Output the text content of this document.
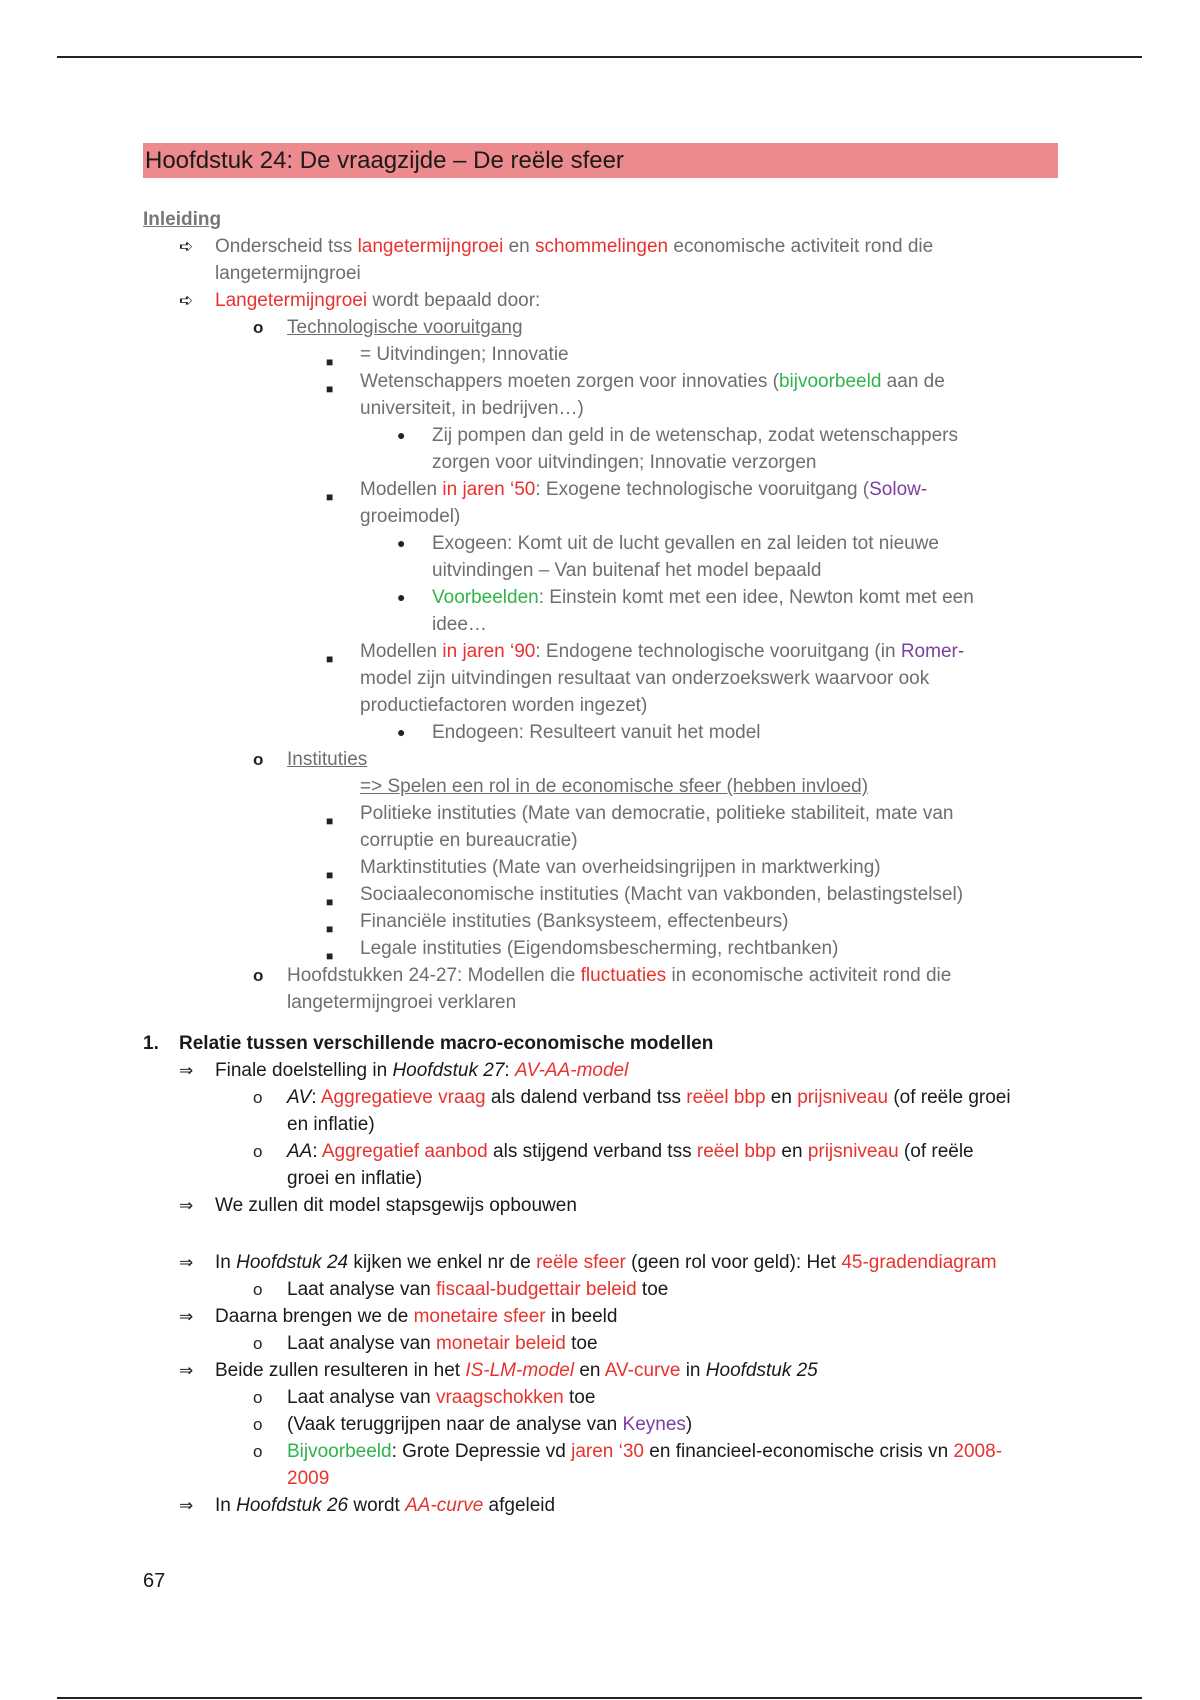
Hoofdstuk 24: De vraagzijde – De reële sfeer
Inleiding
➪ Onderscheid tss langetermijngroei en schommelingen economische activiteit rond die
langetermijngroei
➪ Langetermijngroei wordt bepaald door:
o Technologische vooruitgang
■ = Uitvindingen; Innovatie
■ Wetenschappers moeten zorgen voor innovaties (bijvoorbeeld aan de
universiteit, in bedrijven…)
● Zij pompen dan geld in de wetenschap, zodat wetenschappers
zorgen voor uitvindingen; Innovatie verzorgen
■ Modellen in jaren ‘50: Exogene technologische vooruitgang (Solow-
groeimodel)
● Exogeen: Komt uit de lucht gevallen en zal leiden tot nieuwe
uitvindingen – Van buitenaf het model bepaald
● Voorbeelden: Einstein komt met een idee, Newton komt met een
idee…
■ Modellen in jaren ‘90: Endogene technologische vooruitgang (in Romer-
model zijn uitvindingen resultaat van onderzoekswerk waarvoor ook
productiefactoren worden ingezet)
● Endogeen: Resulteert vanuit het model
o Instituties
=> Spelen een rol in de economische sfeer (hebben invloed)
■ Politieke instituties (Mate van democratie, politieke stabiliteit, mate van
corruptie en bureaucratie)
■ Marktinstituties (Mate van overheidsingrijpen in marktwerking)
■ Sociaaleconomische instituties (Macht van vakbonden, belastingstelsel)
■ Financiële instituties (Banksysteem, effectenbeurs)
■ Legale instituties (Eigendomsbescherming, rechtbanken)
o Hoofdstukken 24-27: Modellen die fluctuaties in economische activiteit rond die
langetermijngroei verklaren
1. Relatie tussen verschillende macro-economische modellen
⇒ Finale doelstelling in Hoofdstuk 27: AV-AA-model
o AV: Aggregatieve vraag als dalend verband tss reëel bbp en prijsniveau (of reële groei
en inflatie)
o AA: Aggregatief aanbod als stijgend verband tss reëel bbp en prijsniveau (of reële
groei en inflatie)
⇒ We zullen dit model stapsgewijs opbouwen
⇒ In Hoofdstuk 24 kijken we enkel nr de reële sfeer (geen rol voor geld): Het 45-gradendiagram
o Laat analyse van fiscaal-budgettair beleid toe
⇒ Daarna brengen we de monetaire sfeer in beeld
o Laat analyse van monetair beleid toe
⇒ Beide zullen resulteren in het IS-LM-model en AV-curve in Hoofdstuk 25
o Laat analyse van vraagschokken toe
o (Vaak teruggrijpen naar de analyse van Keynes)
o Bijvoorbeeld: Grote Depressie vd jaren ‘30 en financieel-economische crisis vn 2008-
2009
⇒ In Hoofdstuk 26 wordt AA-curve afgeleid
67
